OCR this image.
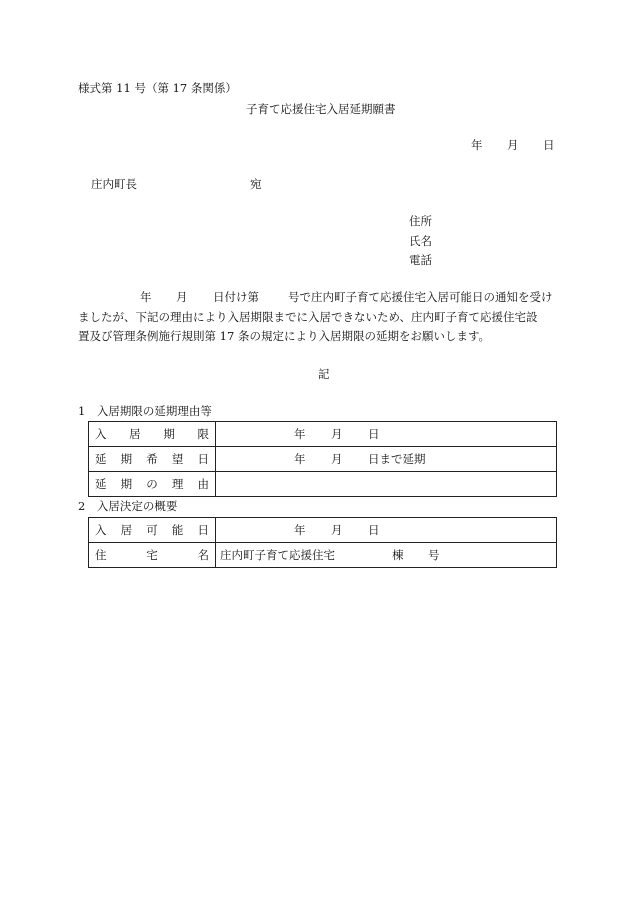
様式第 11 号（第 17 条関係）
子育て応援住宅入居延期願書
年 月 日
庄内町長	宛
住所
氏名
電話
年 月 日付け第	号で庄内町子育て応援住宅入居可能日の通知を受け
ましたが、下記の理由により入居期限までに入居できないため、庄内町子育て応援住宅設
置及び管理条例施行規則第 17 条の規定により入居期限の延期をお願いします。
記
1　入居期限の延期理由等
入 居 期 限	年 月 日

延 期 希 望 日	年 月 日まで延期

延 期 の 理 由	

2　入居決定の概要
入 居 可 能 日	年 月 日

住 宅 名	庄内町子育て応援住宅 棟 号
